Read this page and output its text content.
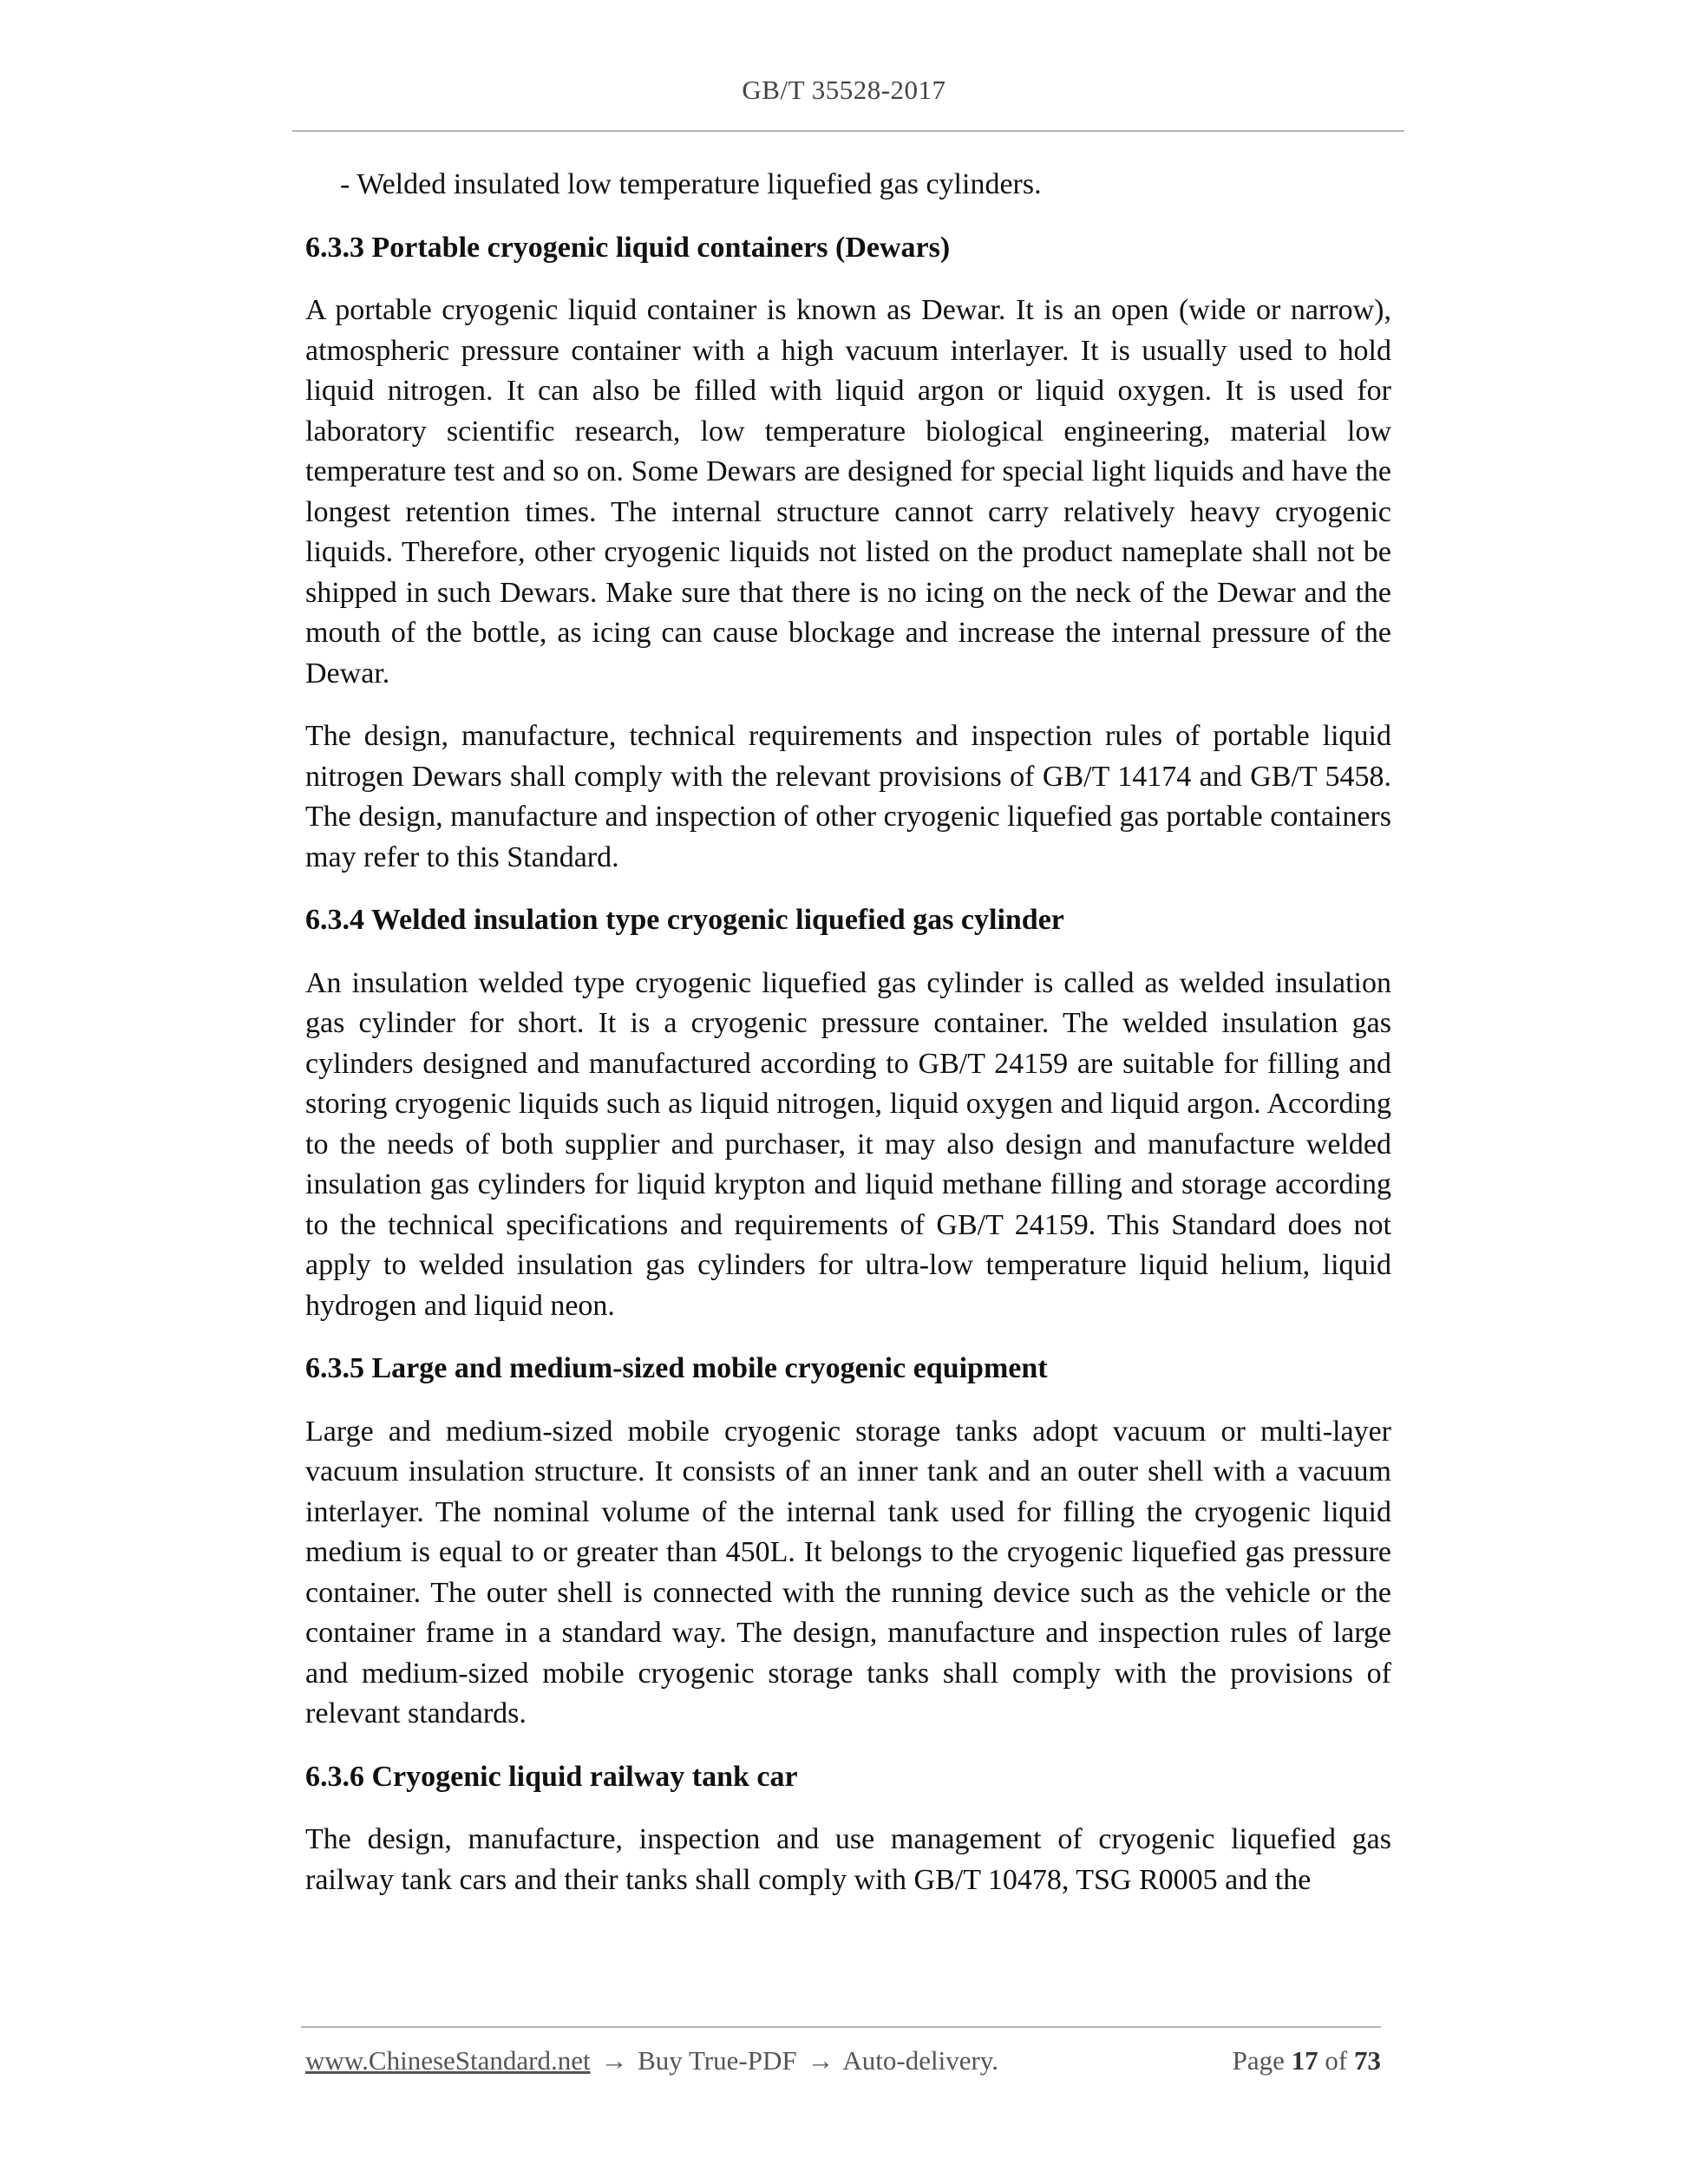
GB/T 35528-2017

- Welded insulated low temperature liquefied gas cylinders.

6.3.3 Portable cryogenic liquid containers (Dewars)

A portable cryogenic liquid container is known as Dewar. It is an open (wide or narrow), atmospheric pressure container with a high vacuum interlayer. It is usually used to hold liquid nitrogen. It can also be filled with liquid argon or liquid oxygen. It is used for laboratory scientific research, low temperature biological engineering, material low temperature test and so on. Some Dewars are designed for special light liquids and have the longest retention times. The internal structure cannot carry relatively heavy cryogenic liquids. Therefore, other cryogenic liquids not listed on the product nameplate shall not be shipped in such Dewars. Make sure that there is no icing on the neck of the Dewar and the mouth of the bottle, as icing can cause blockage and increase the internal pressure of the Dewar.

The design, manufacture, technical requirements and inspection rules of portable liquid nitrogen Dewars shall comply with the relevant provisions of GB/T 14174 and GB/T 5458. The design, manufacture and inspection of other cryogenic liquefied gas portable containers may refer to this Standard.

6.3.4 Welded insulation type cryogenic liquefied gas cylinder

An insulation welded type cryogenic liquefied gas cylinder is called as welded insulation gas cylinder for short. It is a cryogenic pressure container. The welded insulation gas cylinders designed and manufactured according to GB/T 24159 are suitable for filling and storing cryogenic liquids such as liquid nitrogen, liquid oxygen and liquid argon. According to the needs of both supplier and purchaser, it may also design and manufacture welded insulation gas cylinders for liquid krypton and liquid methane filling and storage according to the technical specifications and requirements of GB/T 24159. This Standard does not apply to welded insulation gas cylinders for ultra-low temperature liquid helium, liquid hydrogen and liquid neon.

6.3.5 Large and medium-sized mobile cryogenic equipment

Large and medium-sized mobile cryogenic storage tanks adopt vacuum or multi-layer vacuum insulation structure. It consists of an inner tank and an outer shell with a vacuum interlayer. The nominal volume of the internal tank used for filling the cryogenic liquid medium is equal to or greater than 450L. It belongs to the cryogenic liquefied gas pressure container. The outer shell is connected with the running device such as the vehicle or the container frame in a standard way. The design, manufacture and inspection rules of large and medium-sized mobile cryogenic storage tanks shall comply with the provisions of relevant standards.

6.3.6 Cryogenic liquid railway tank car

The design, manufacture, inspection and use management of cryogenic liquefied gas railway tank cars and their tanks shall comply with GB/T 10478, TSG R0005 and the

www.ChineseStandard.net → Buy True-PDF → Auto-delivery.	Page 17 of 73
